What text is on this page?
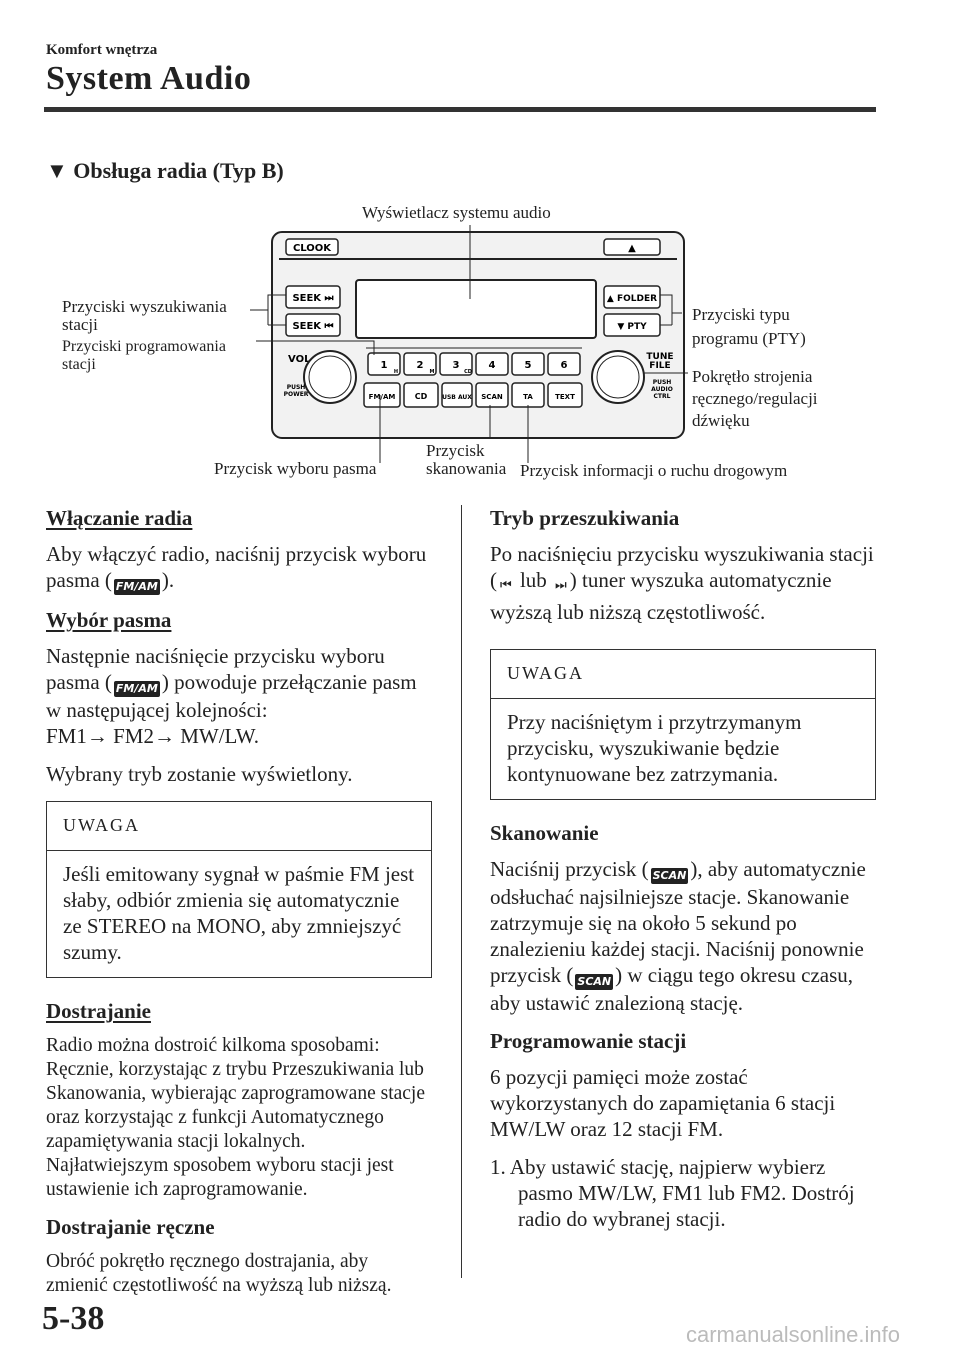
Komfort wnętrza
System Audio
▼ Obsługa radia (Typ B)
CLOOK	▲
SEEK ⏭
SEEK ⏮
▲ FOLDER
▼ PTY
VOL
PUSH
POWER
TUNE
FILE
PUSH
AUDIO
CTRL
1	2	3	4	5	6
H	M	CD
FM/AM CD USB AUX SCAN	TA	TEXT
Wyświetlacz systemu audio
Przyciski wyszukiwania
stacji
Przyciski programowania
stacji
Przyciski typu
programu (PTY)
Pokrętło strojenia
ręcznego/regulacji
dźwięku
Przycisk wyboru pasma
Przycisk
skanowania Przycisk informacji o ruchu drogowym
Włączanie radia

Aby włączyć radio, naciśnij przycisk wyboru pasma ( FM/AM ).

Wybór pasma

Następnie naciśnięcie przycisku wyboru pasma ( FM/AM ) powoduje przełączanie pasm w następującej kolejności:
FM1→ FM2→ MW/LW.

Wybrany tryb zostanie wyświetlony.

UWAGA
Jeśli emitowany sygnał w paśmie FM jest słaby, odbiór zmienia się automatycznie ze STEREO na MONO, aby zmniejszyć szumy.
Dostrajanie

Radio można dostroić kilkoma sposobami: Ręcznie, korzystając z trybu Przeszukiwania lub Skanowania, wybierając zaprogramowane stacje oraz korzystając z funkcji Automatycznego zapamiętywania stacji lokalnych. Najłatwiejszym sposobem wyboru stacji jest ustawienie ich zaprogramowanie.

Dostrajanie ręczne

Obróć pokrętło ręcznego dostrajania, aby zmienić częstotliwość na wyższą lub niższą.

Tryb przeszukiwania

Po naciśnięciu przycisku wyszukiwania stacji ( ⏮ lub ⏭ ) tuner wyszuka automatycznie wyższą lub niższą częstotliwość.

UWAGA
Przy naciśniętym i przytrzymanym przycisku, wyszukiwanie będzie kontynuowane bez zatrzymania.
Skanowanie

Naciśnij przycisk ( SCAN ), aby automatycznie odsłuchać najsilniejsze stacje. Skanowanie zatrzymuje się na około 5 sekund po znalezieniu każdej stacji. Naciśnij ponownie przycisk ( SCAN ) w ciągu tego okresu czasu, aby ustawić znalezioną stację.

Programowanie stacji

6 pozycji pamięci może zostać wykorzystanych do zapamiętania 6 stacji MW/LW oraz 12 stacji FM.

1. Aby ustawić stację, najpierw wybierz pasmo MW/LW, FM1 lub FM2. Dostrój radio do wybranej stacji.

5-38	carmanualsonline.info
